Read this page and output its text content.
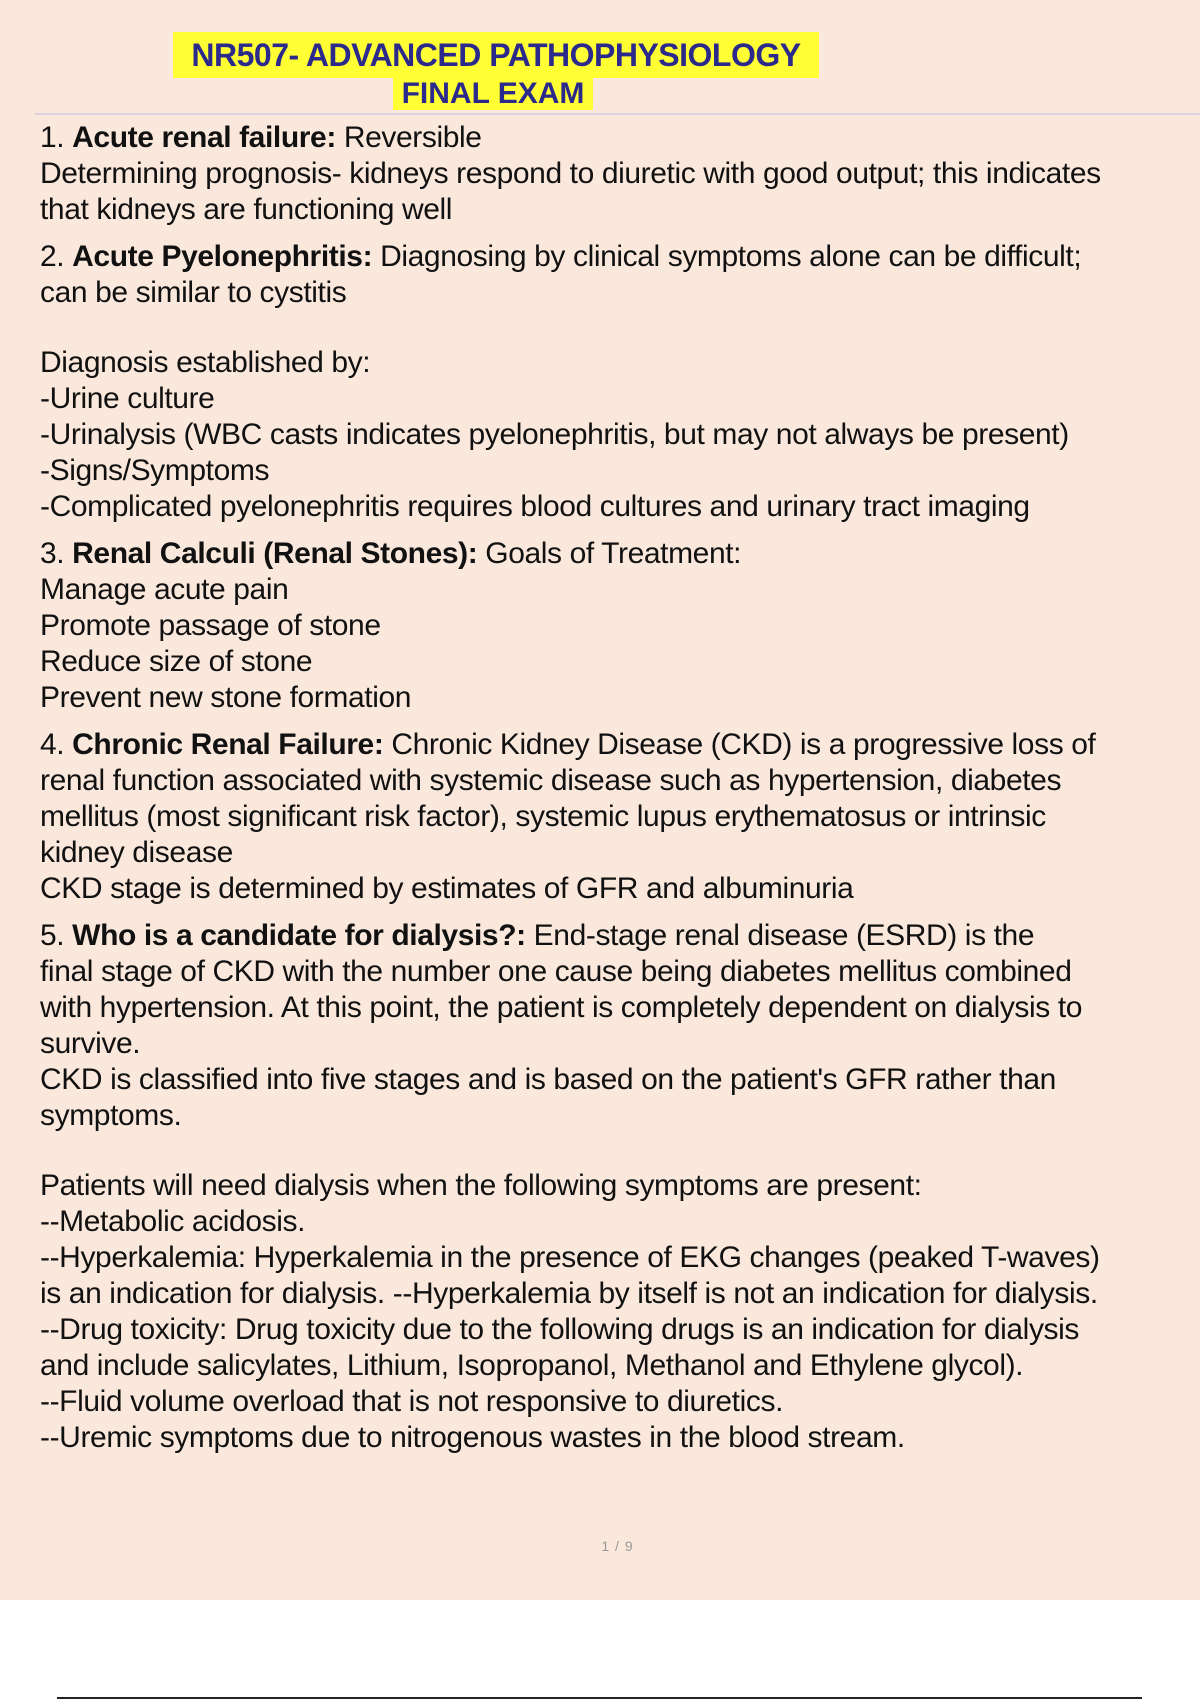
NR507- ADVANCED PATHOPHYSIOLOGY
FINAL EXAM

1. Acute renal failure: Reversible

Determining prognosis- kidneys respond to diuretic with good output; this indicates

that kidneys are functioning well

2. Acute Pyelonephritis: Diagnosing by clinical symptoms alone can be difficult;

can be similar to cystitis

Diagnosis established by:

-Urine culture

-Urinalysis (WBC casts indicates pyelonephritis, but may not always be present)

-Signs/Symptoms

-Complicated pyelonephritis requires blood cultures and urinary tract imaging

3. Renal Calculi (Renal Stones): Goals of Treatment:

Manage acute pain

Promote passage of stone

Reduce size of stone

Prevent new stone formation

4. Chronic Renal Failure: Chronic Kidney Disease (CKD) is a progressive loss of

renal function associated with systemic disease such as hypertension, diabetes

mellitus (most significant risk factor), systemic lupus erythematosus or intrinsic

kidney disease

CKD stage is determined by estimates of GFR and albuminuria

5. Who is a candidate for dialysis?: End-stage renal disease (ESRD) is the

final stage of CKD with the number one cause being diabetes mellitus combined

with hypertension. At this point, the patient is completely dependent on dialysis to

survive.

CKD is classified into five stages and is based on the patient's GFR rather than

symptoms.

Patients will need dialysis when the following symptoms are present:

--Metabolic acidosis.

--Hyperkalemia: Hyperkalemia in the presence of EKG changes (peaked T-waves)

is an indication for dialysis. --Hyperkalemia by itself is not an indication for dialysis.

--Drug toxicity: Drug toxicity due to the following drugs is an indication for dialysis

and include salicylates, Lithium, Isopropanol, Methanol and Ethylene glycol).

--Fluid volume overload that is not responsive to diuretics.

--Uremic symptoms due to nitrogenous wastes in the blood stream.

1 / 9
